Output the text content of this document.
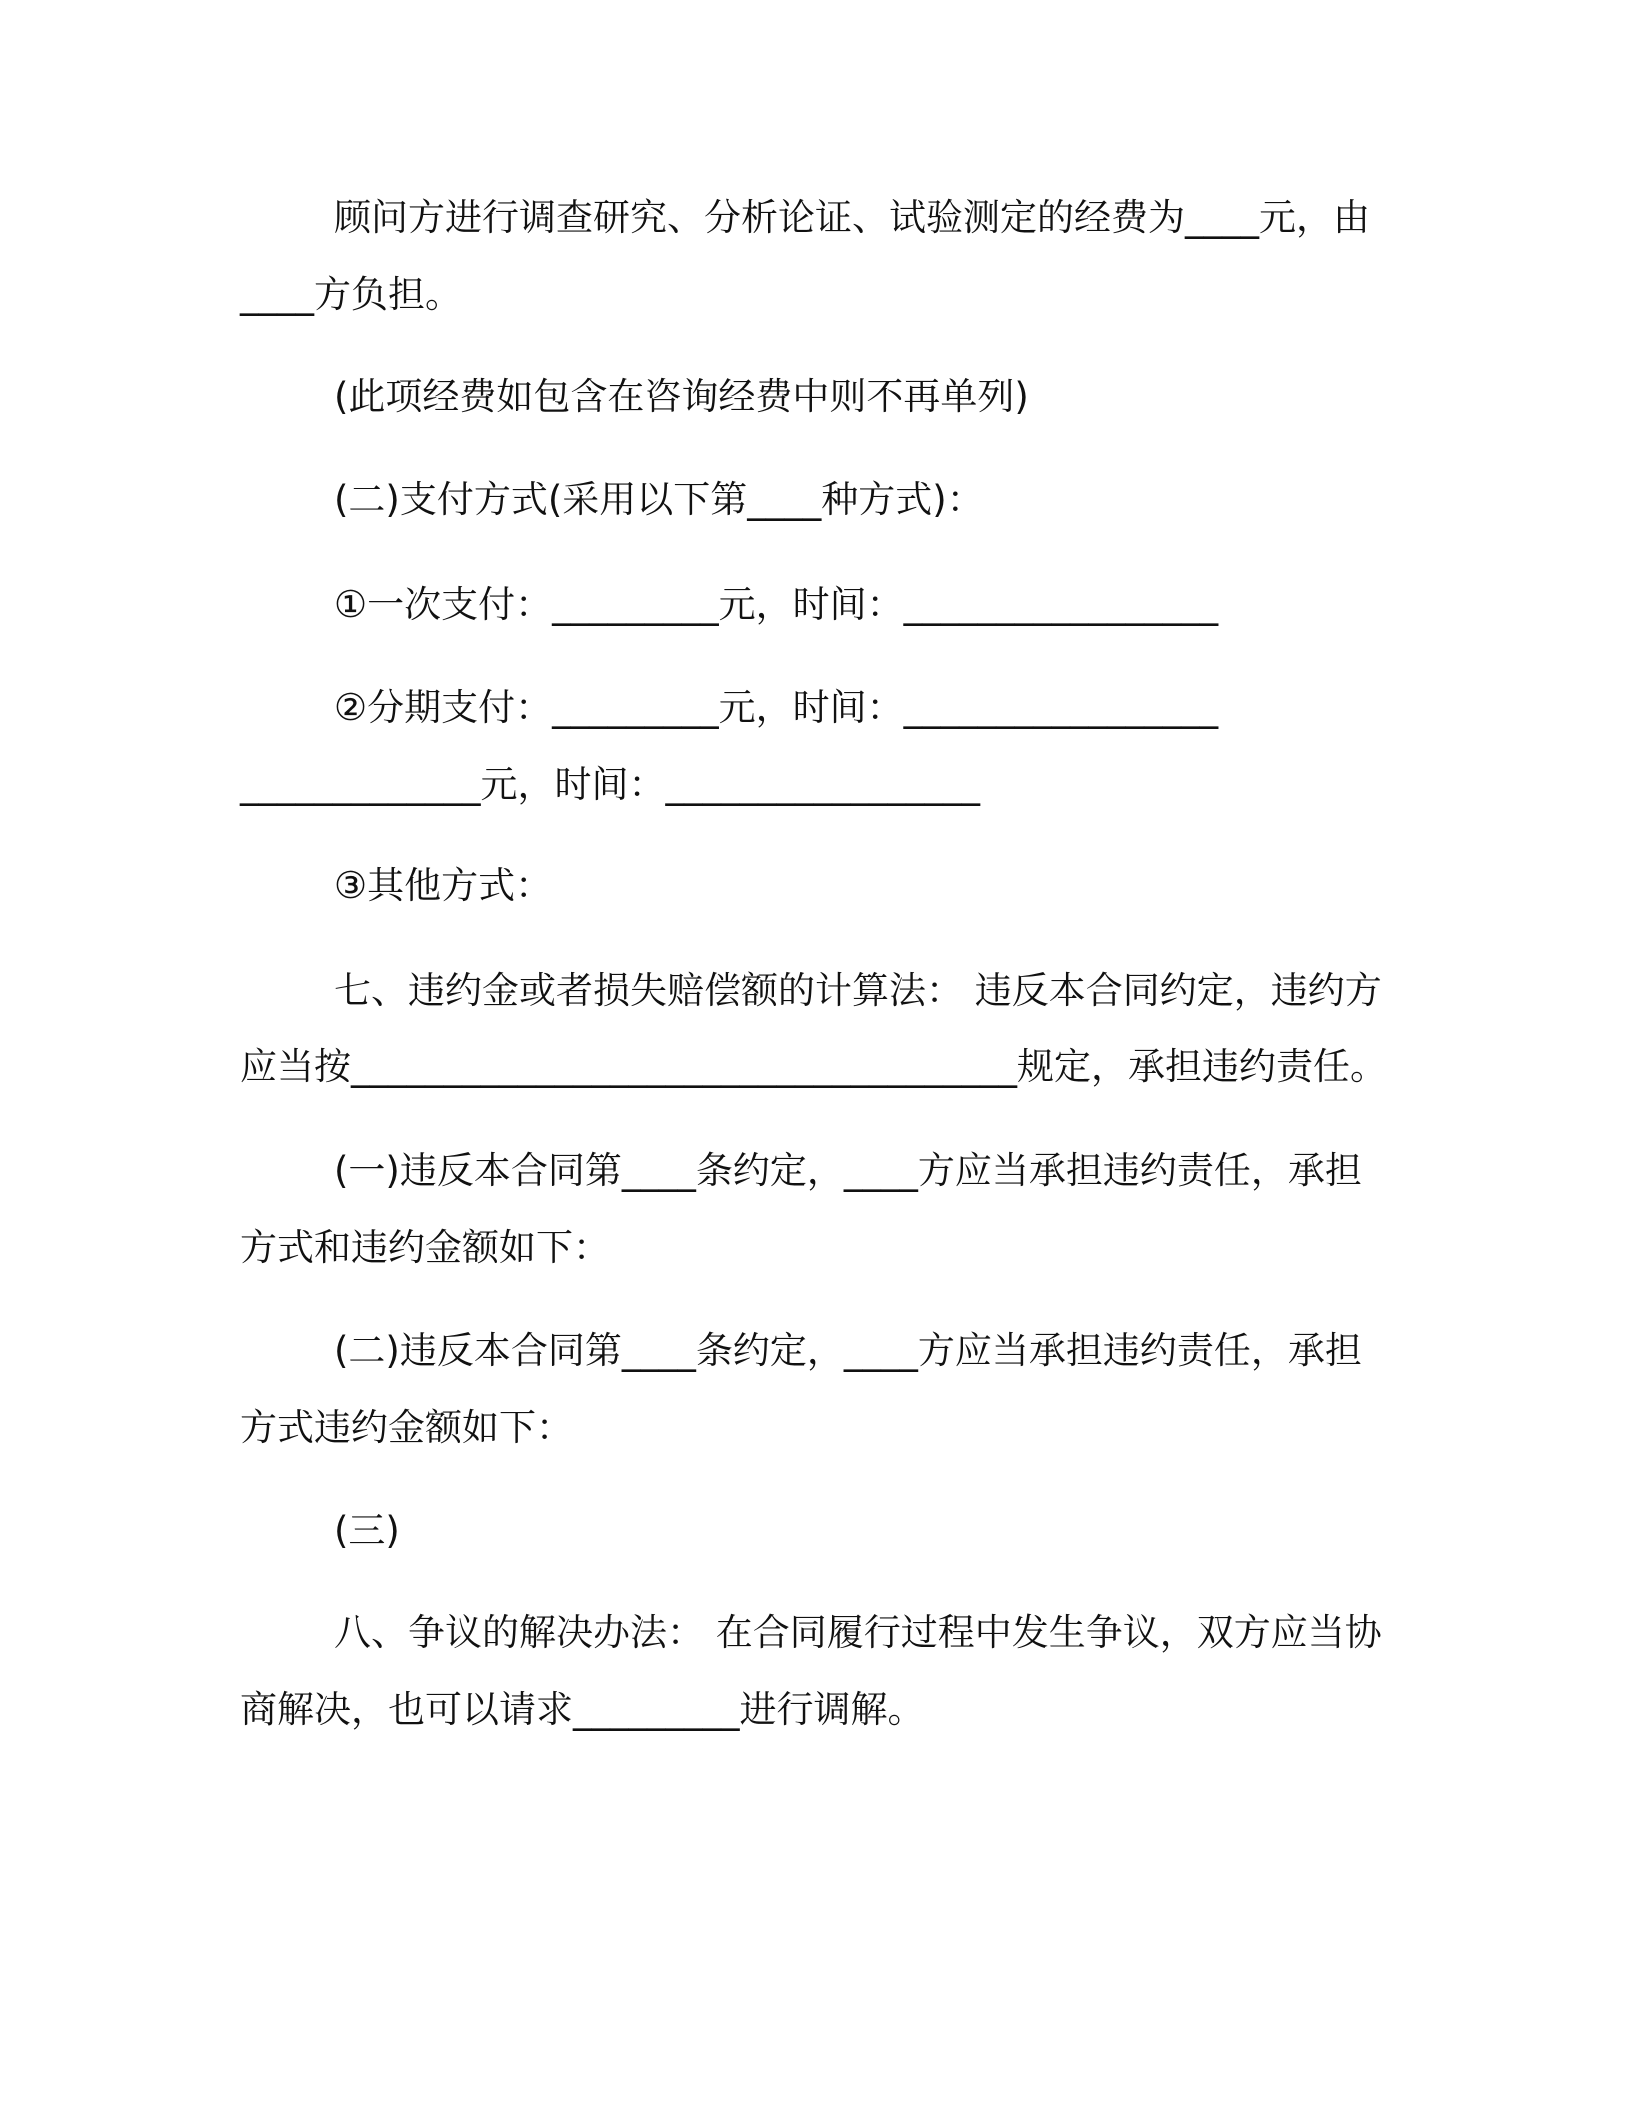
顾问方进行调查研究、分析论证、试验测定的经费为____元，由
____方负担。
(此项经费如包含在咨询经费中则不再单列)
(二)支付方式(采用以下第____种方式)：
①一次支付：_________元，时间：_________________
②分期支付：_________元，时间：_________________
_____________元，时间：_________________
③其他方式：
七、违约金或者损失赔偿额的计算法： 违反本合同约定，违约方
应当按____________________________________规定，承担违约责任。
(一)违反本合同第____条约定，____方应当承担违约责任，承担
方式和违约金额如下：
(二)违反本合同第____条约定，____方应当承担违约责任，承担
方式违约金额如下：
(三)
八、争议的解决办法： 在合同履行过程中发生争议，双方应当协
商解决，也可以请求_________进行调解。
